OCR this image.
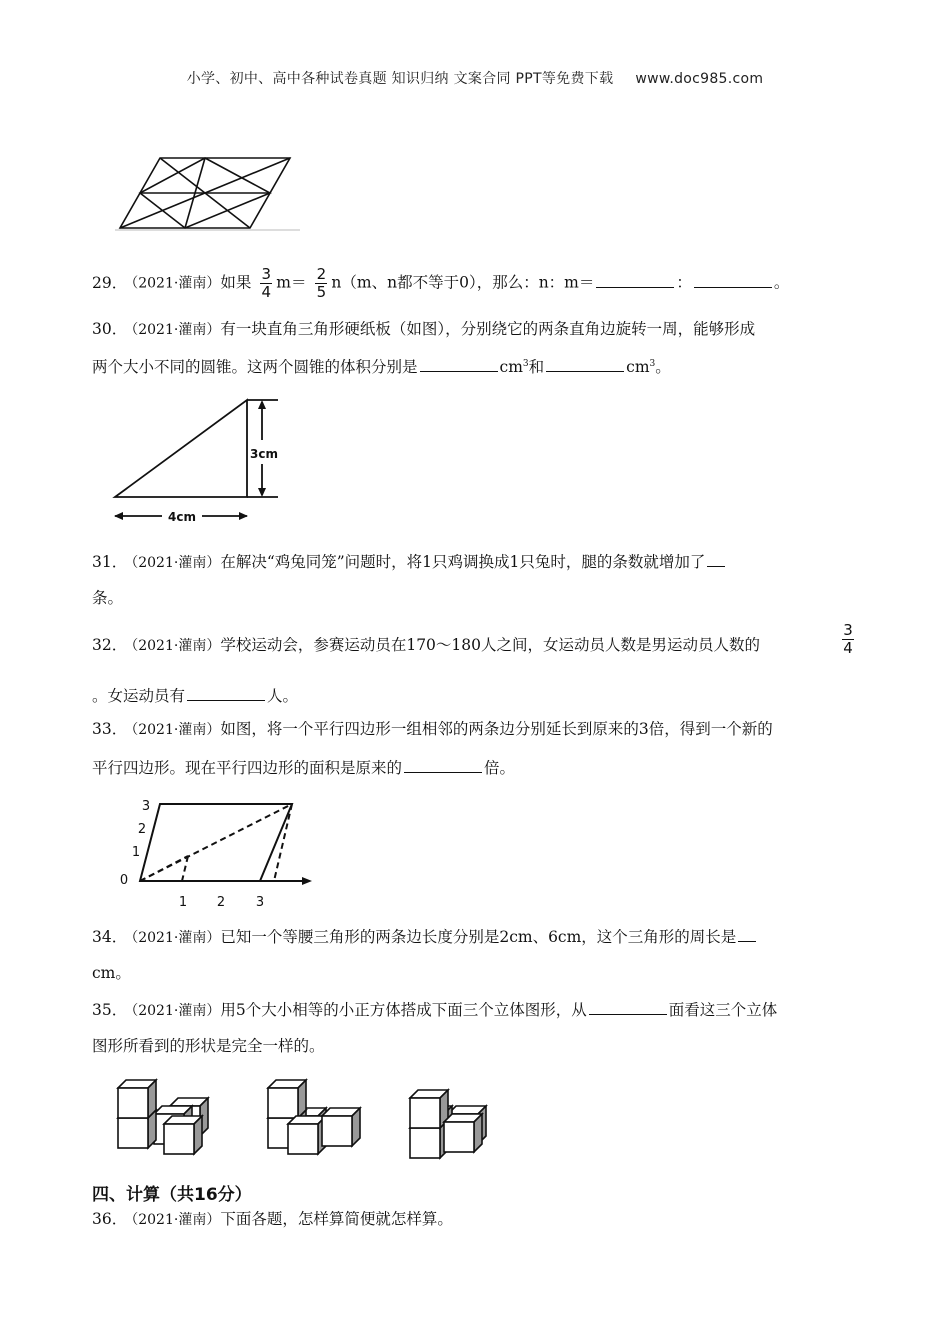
小学、初中、高中各种试卷真题 知识归纳 文案合同 PPT等免费下载 www.doc985.com
29． （2021·灌南）如果 $\frac{3}{4} m= \frac{2}{5} n(m$、n都不等于0），那么：n：m＝	：	。
30． （2021·灌南）有一块直角三角形硬纸板（如图），分别绕它的两条直角边旋转一周，能够形成
两个大小不同的圆锥。这两个圆锥的体积分别是	$cm^3$和	$cm^3$。
3cm
4cm
31． （2021·灌南）在解决“鸡兔同笼”问题时，将1只鸡调换成1只兔时，腿的条数就增加了
条。
32． （2021·灌南）学校运动会，参赛运动员在170～180人之间，女运动员人数是男运动员人数的
3
4
。女运动员有	人。
33． （2021·灌南）如图，将一个平行四边形一组相邻的两条边分别延长到原来的3倍，得到一个新的
平行四边形。现在平行四边形的面积是原来的	倍。
3
2
1
0
1 2 3
34． （2021·灌南）已知一个等腰三角形的两条边长度分别是2cm、6cm，这个三角形的周长是
cm。
35． （2021·灌南）用5个大小相等的小正方体搭成下面三个立体图形，从	面看这三个立体
图形所看到的形状是完全一样的。
四、计算（共16分）
36． （2021·灌南）下面各题，怎样算简便就怎样算。
